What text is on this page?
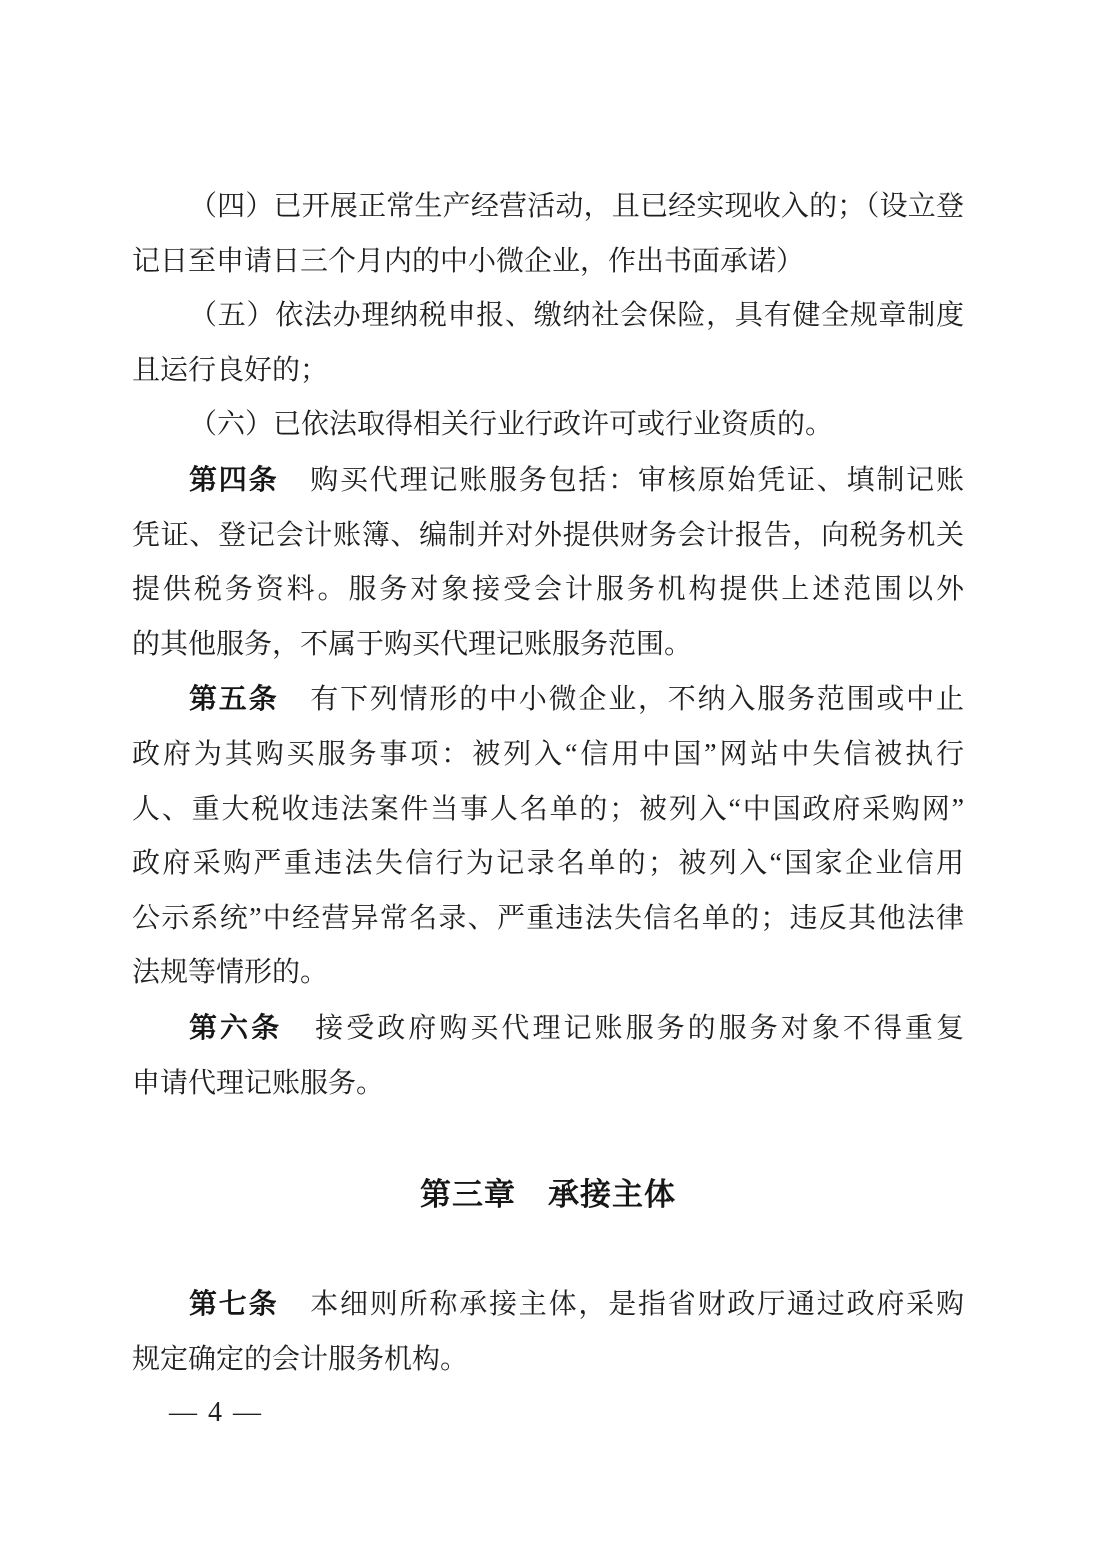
（四）已开展正常生产经营活动，且已经实现收入的；（设立登
记日至申请日三个月内的中小微企业，作出书面承诺）
（五）依法办理纳税申报、缴纳社会保险，具有健全规章制度
且运行良好的；
（六）已依法取得相关行业行政许可或行业资质的。
第四条 购买代理记账服务包括：审核原始凭证、填制记账
凭证、登记会计账簿、编制并对外提供财务会计报告，向税务机关
提供税务资料。服务对象接受会计服务机构提供上述范围以外
的其他服务，不属于购买代理记账服务范围。
第五条 有下列情形的中小微企业，不纳入服务范围或中止
政府为其购买服务事项：被列入“信用中国”网站中失信被执行
人、重大税收违法案件当事人名单的；被列入“中国政府采购网”
政府采购严重违法失信行为记录名单的；被列入“国家企业信用
公示系统”中经营异常名录、严重违法失信名单的；违反其他法律
法规等情形的。
第六条 接受政府购买代理记账服务的服务对象不得重复
申请代理记账服务。
第三章　承接主体
第七条 本细则所称承接主体，是指省财政厅通过政府采购
规定确定的会计服务机构。
— 4 —
